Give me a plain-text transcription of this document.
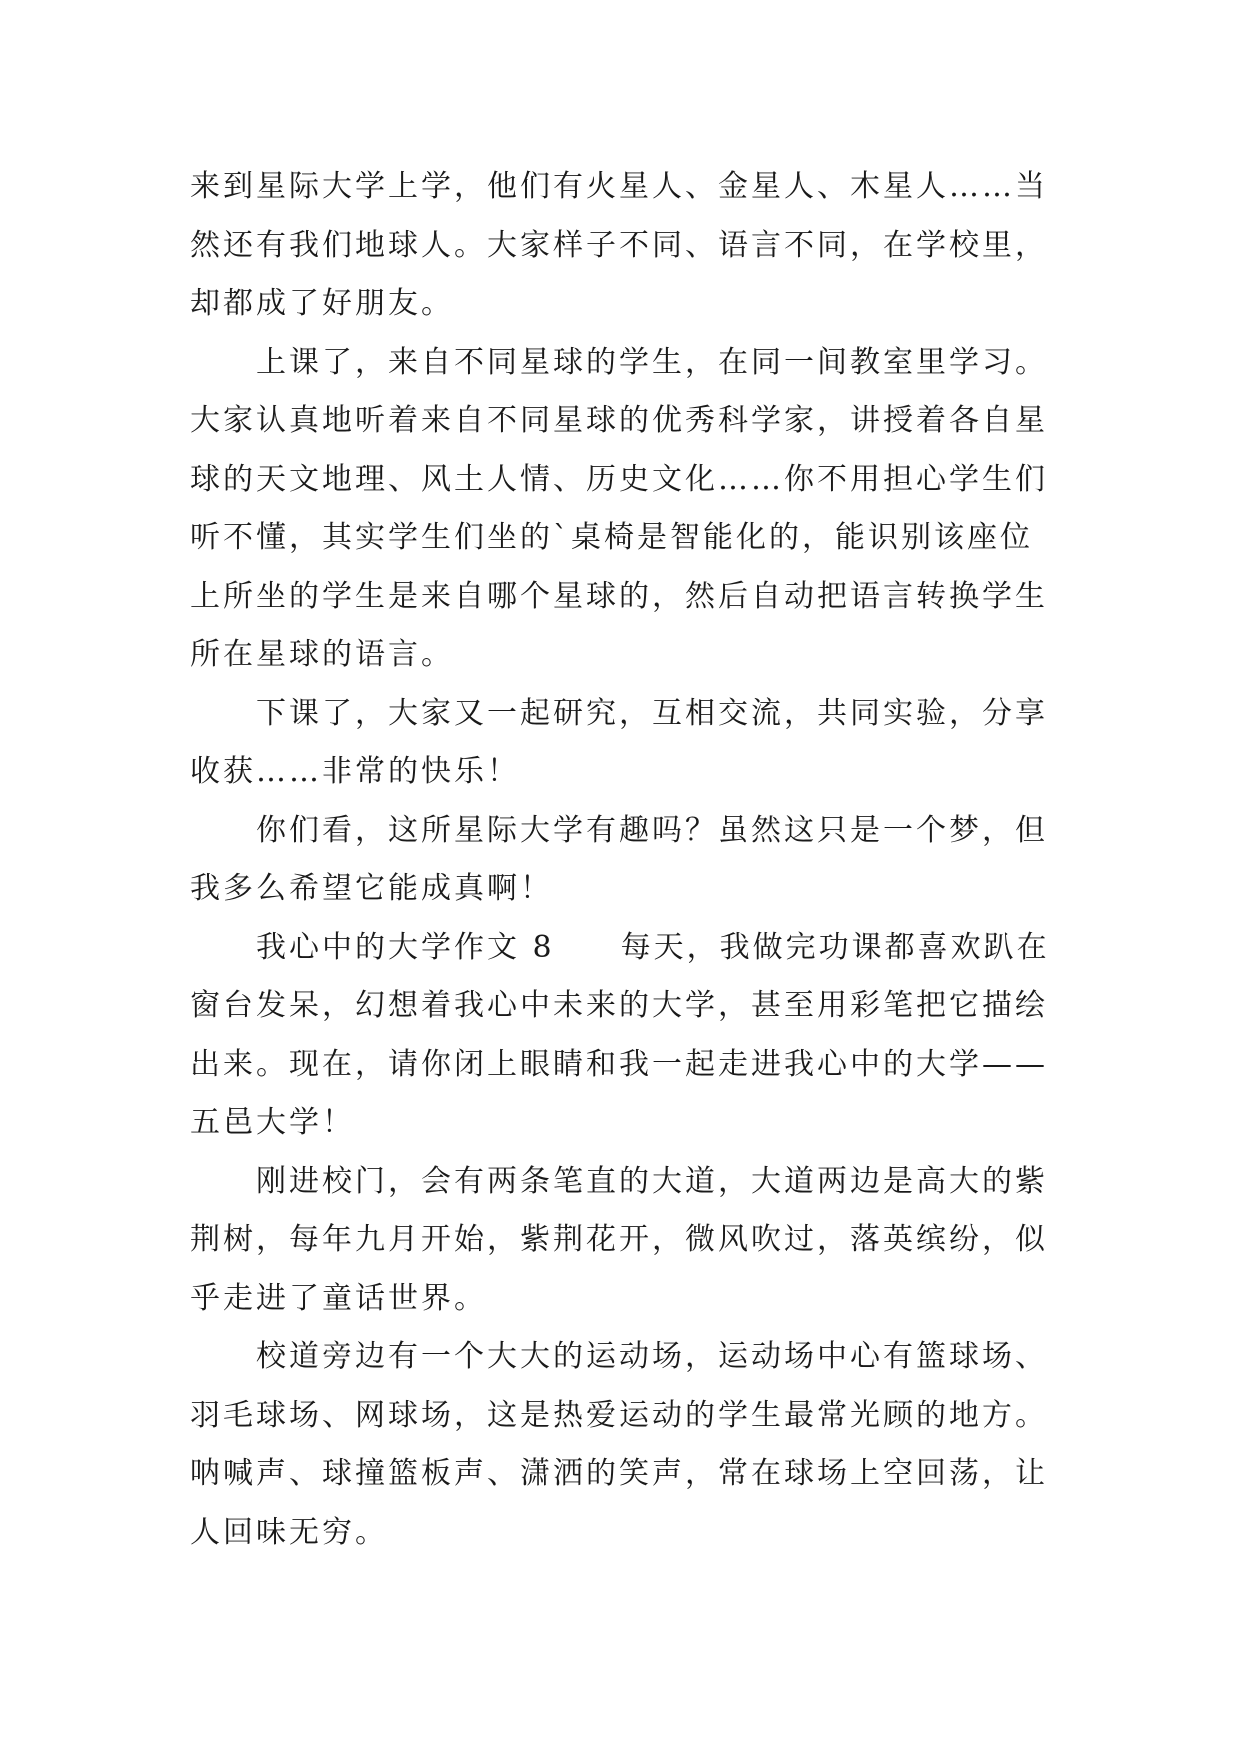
来到星际大学上学，他们有火星人、金星人、木星人……当
然还有我们地球人。大家样子不同、语言不同，在学校里，
却都成了好朋友。
上课了，来自不同星球的学生，在同一间教室里学习。
大家认真地听着来自不同星球的优秀科学家，讲授着各自星
球的天文地理、风土人情、历史文化……你不用担心学生们
听不懂，其实学生们坐的`桌椅是智能化的，能识别该座位
上所坐的学生是来自哪个星球的，然后自动把语言转换学生
所在星球的语言。
下课了，大家又一起研究，互相交流，共同实验，分享
收获……非常的快乐！
你们看，这所星际大学有趣吗？虽然这只是一个梦，但
我多么希望它能成真啊！
我心中的大学作文 8　　每天，我做完功课都喜欢趴在
窗台发呆，幻想着我心中未来的大学，甚至用彩笔把它描绘
出来。现在，请你闭上眼睛和我一起走进我心中的大学——
五邑大学！
刚进校门，会有两条笔直的大道，大道两边是高大的紫
荆树，每年九月开始，紫荆花开，微风吹过，落英缤纷，似
乎走进了童话世界。
校道旁边有一个大大的运动场，运动场中心有篮球场、
羽毛球场、网球场，这是热爱运动的学生最常光顾的地方。
呐喊声、球撞篮板声、潇洒的笑声，常在球场上空回荡，让
人回味无穷。
